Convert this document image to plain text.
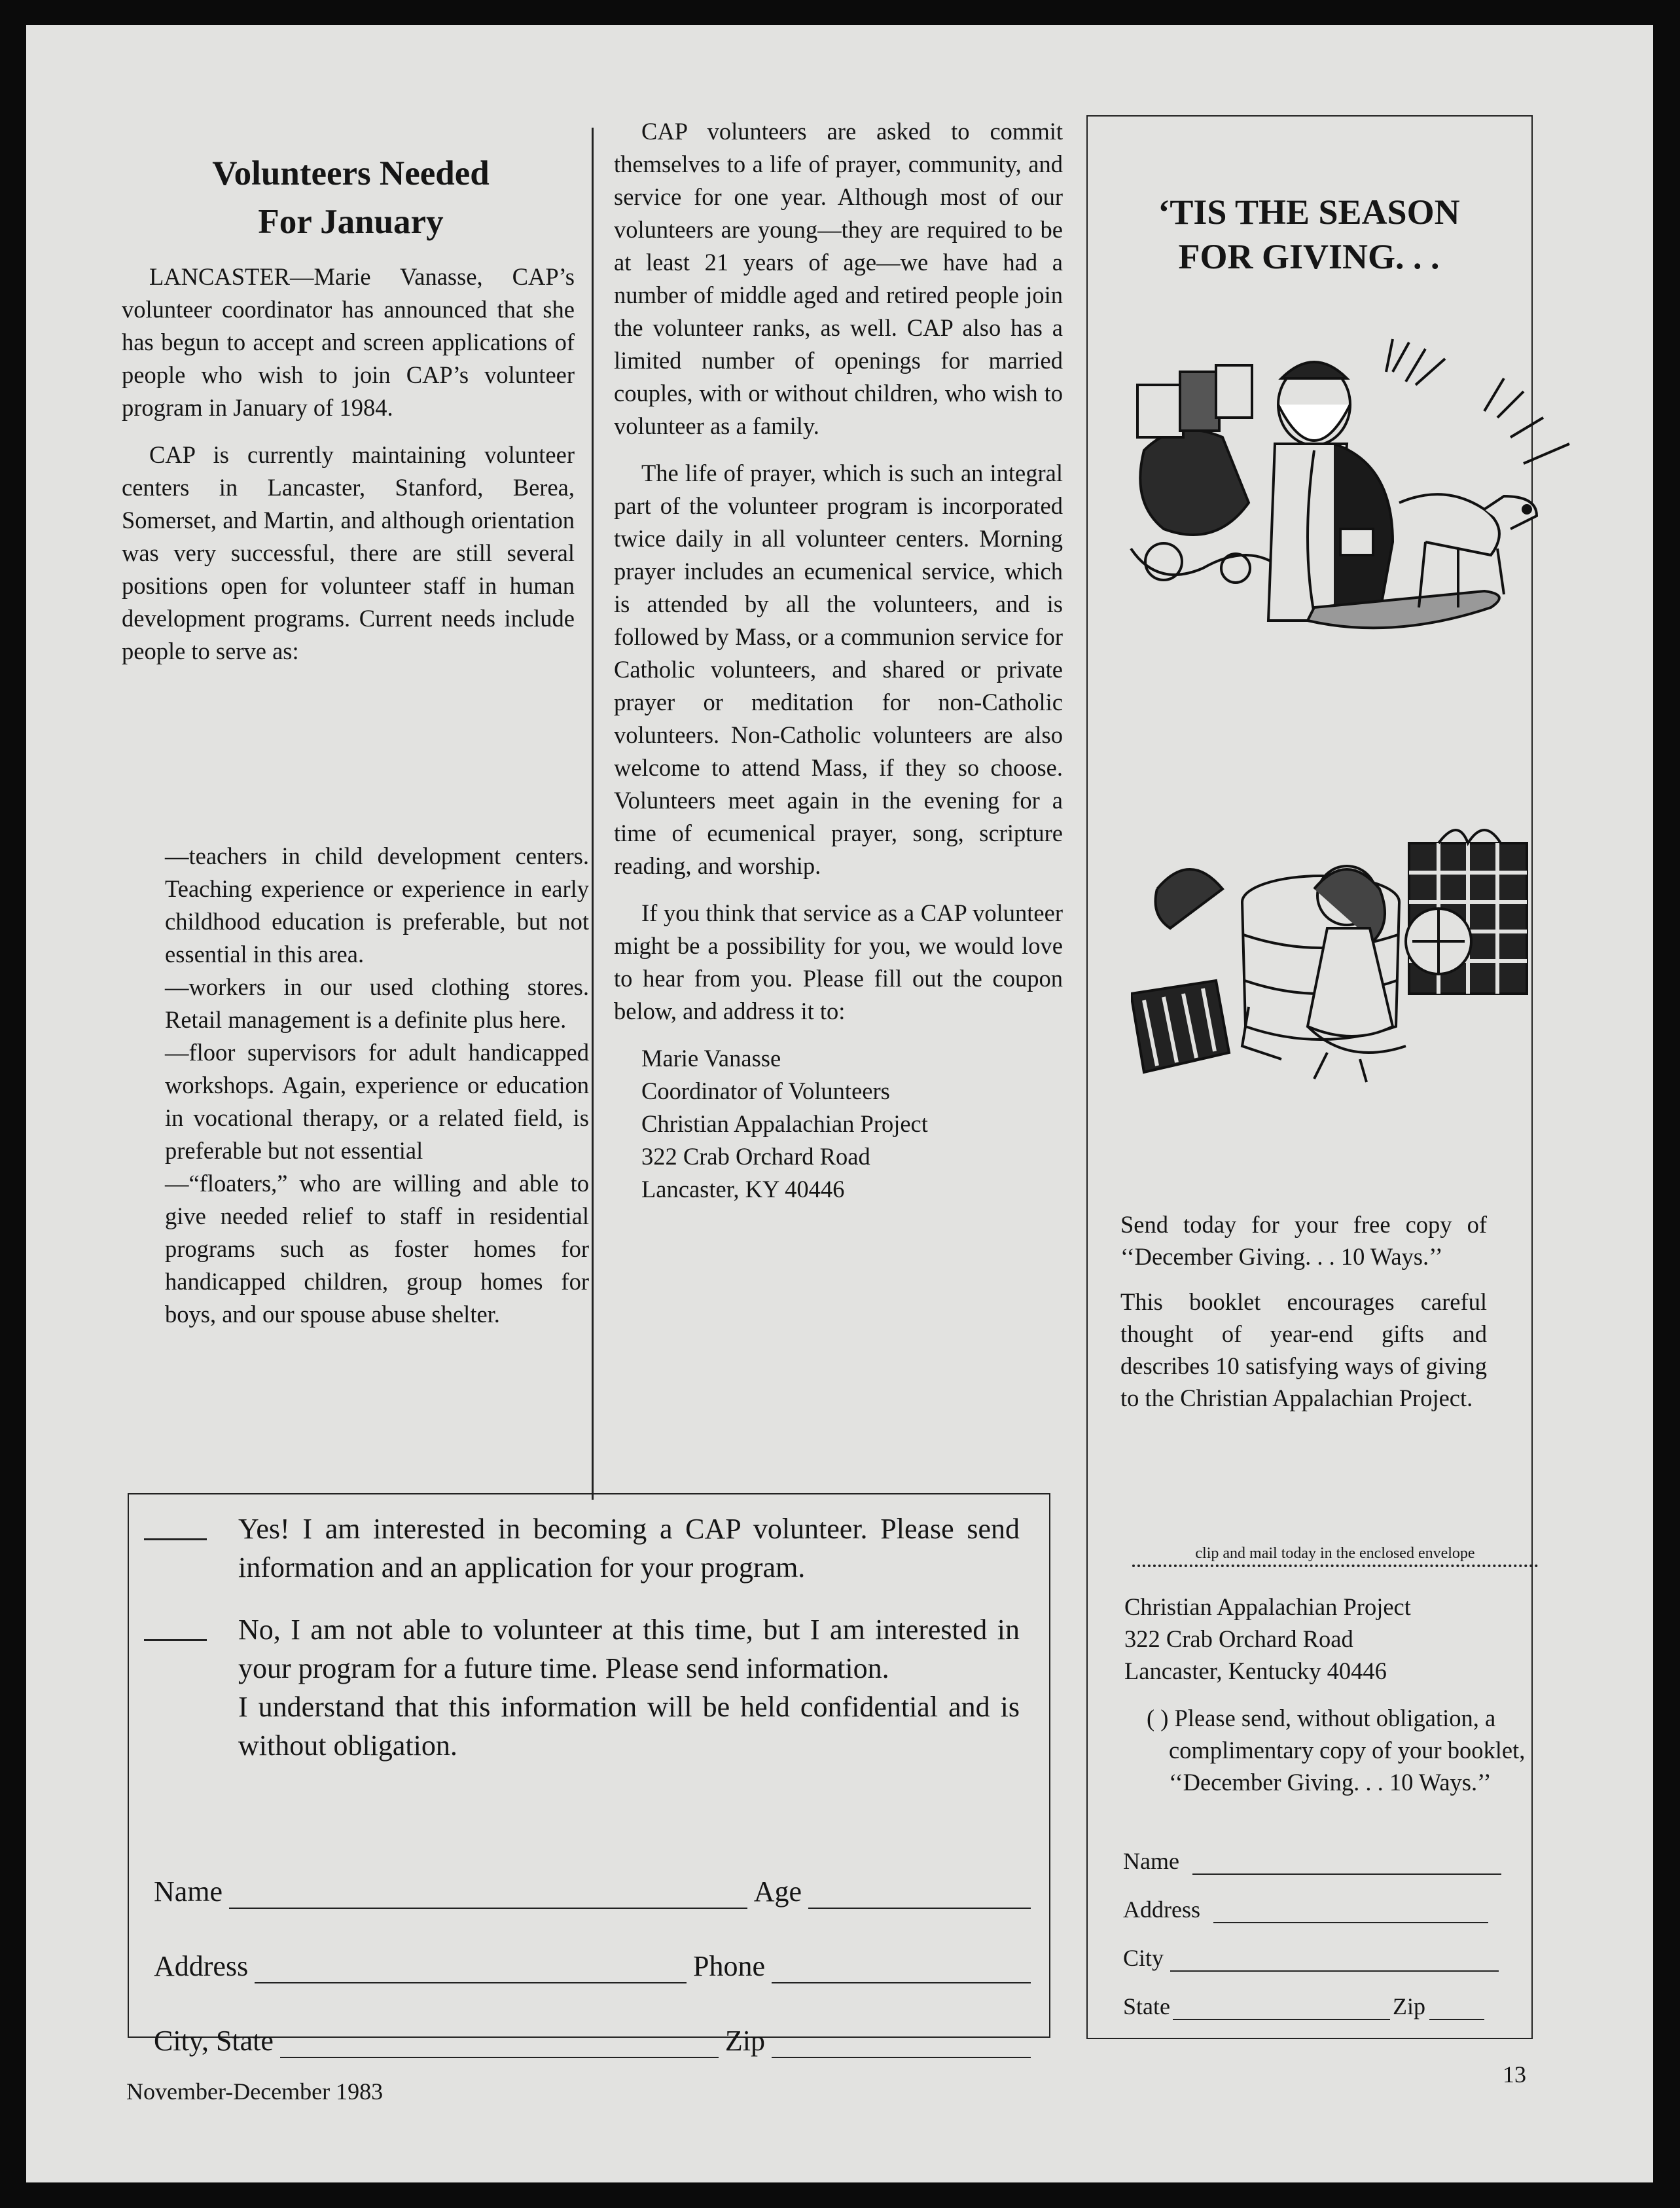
Volunteers Needed
For January

LANCASTER—Marie Vanasse, CAP’s volunteer coordinator has announced that she has begun to accept and screen applications of people who wish to join CAP’s volunteer program in January of 1984.

CAP is currently maintaining volunteer centers in Lancaster, Stanford, Berea, Somerset, and Martin, and although orientation was very successful, there are still several positions open for volunteer staff in human development programs. Current needs include people to serve as:

—teachers in child development centers. Teaching experience or experience in early childhood education is preferable, but not essential in this area.
—workers in our used clothing stores. Retail management is a definite plus here.
—floor supervisors for adult handicapped workshops. Again, experience or education in vocational therapy, or a related field, is preferable but not essential
—“floaters,” who are willing and able to give needed relief to staff in residential programs such as foster homes for handicapped children, group homes for boys, and our spouse abuse shelter.

CAP volunteers are asked to commit themselves to a life of prayer, community, and service for one year. Although most of our volunteers are young—they are required to be at least 21 years of age—we have had a number of middle aged and retired people join the volunteer ranks, as well. CAP also has a limited number of openings for married couples, with or without children, who wish to volunteer as a family.

The life of prayer, which is such an integral part of the volunteer program is incorporated twice daily in all volunteer centers. Morning prayer includes an ecumenical service, which is attended by all the volunteers, and is followed by Mass, or a communion service for Catholic volunteers, and shared or private prayer or meditation for non-Catholic volunteers. Non-Catholic volunteers are also welcome to attend Mass, if they so choose. Volunteers meet again in the evening for a time of ecumenical prayer, song, scripture reading, and worship.

If you think that service as a CAP volunteer might be a possibility for you, we would love to hear from you. Please fill out the coupon below, and address it to:

Marie Vanasse
Coordinator of Volunteers
Christian Appalachian Project
322 Crab Orchard Road
Lancaster, KY 40446
Yes! I am interested in becoming a CAP volunteer. Please send information and an application for your program.
No, I am not able to volunteer at this time, but I am interested in your program for a future time. Please send information.
I understand that this information will be held confidential and is without obligation.
Name	Age
Address	Phone
City, State	Zip
‘TIS THE SEASON
FOR GIVING. . .
Send today for your free copy of ‘‘December Giving. . . 10 Ways.’’
This booklet encourages careful thought of year-end gifts and describes 10 satisfying ways of giving to the Christian Appalachian Project.
clip and mail today in the enclosed envelope
Christian Appalachian Project
322 Crab Orchard Road
Lancaster, Kentucky 40446
( ) Please send, without obligation, a complimentary copy of your booklet, ‘‘December Giving. . . 10 Ways.’’
Name
Address
City
State	Zip
November-December 1983
13
